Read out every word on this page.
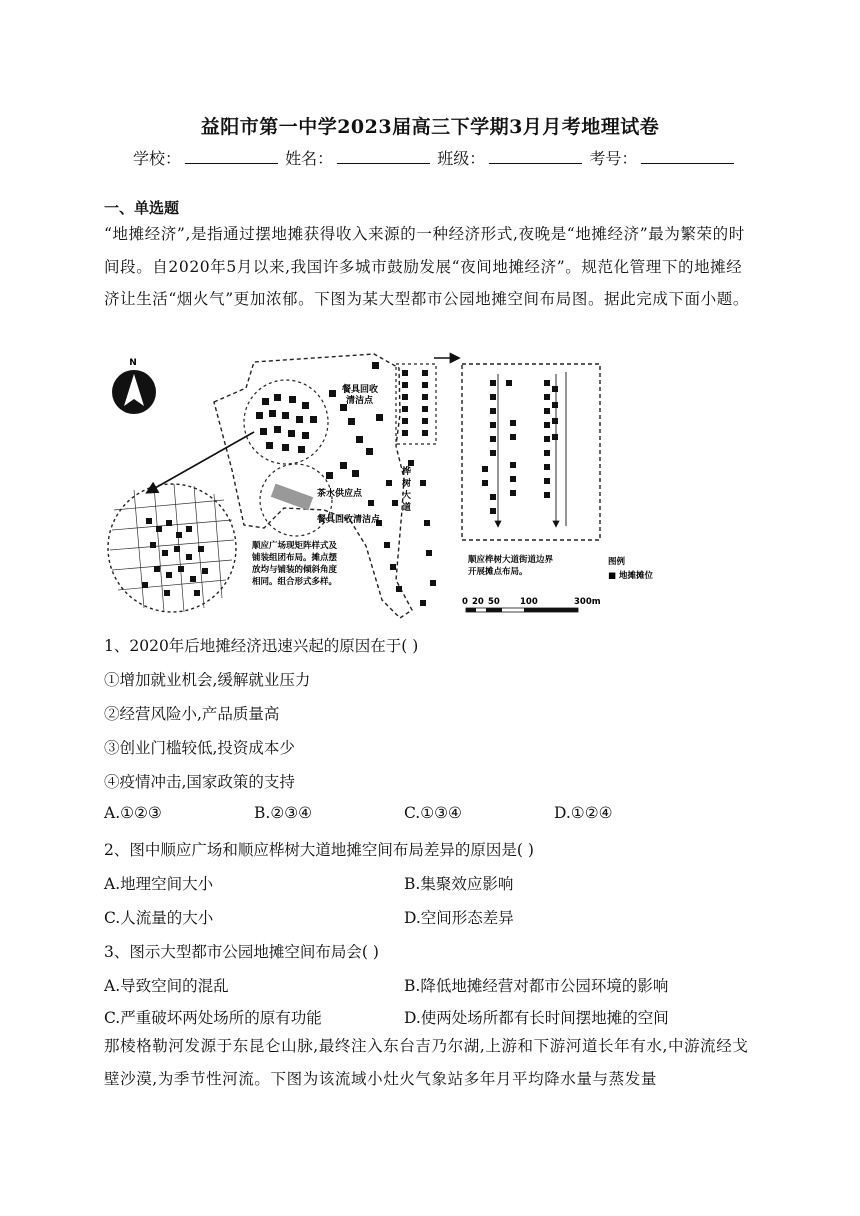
益阳市第一中学2023届高三下学期3月月考地理试卷
学校：	姓名：	班级：	考号：
一、单选题
“地摊经济”,是指通过摆地摊获得收入来源的一种经济形式,夜晚是“地摊经济”最为繁荣的时间段。自2020年5月以来,我国许多城市鼓励发展“夜间地摊经济”。规范化管理下的地摊经济让生活“烟火气”更加浓郁。下图为某大型都市公园地摊空间布局图。据此完成下面小题。
N
餐具回收 清洁点
茶水供应点
餐具回收清洁点
桦 树 大 道
顺应广场现矩阵样式及 铺装组团布局。摊点摆 放均与铺装的倾斜角度 相同。组合形式多样。
顺应桦树大道街道边界 开展摊点布局。
图例
■ 地摊摊位
0 20 50 100	300m
1、2020年后地摊经济迅速兴起的原因在于( )
①增加就业机会,缓解就业压力
②经营风险小,产品质量高
③创业门槛较低,投资成本少
④疫情冲击,国家政策的支持
A.①②③	B.②③④	C.①③④	D.①②④
2、图中顺应广场和顺应桦树大道地摊空间布局差异的原因是( )
A.地理空间大小	B.集聚效应影响
C.人流量的大小	D.空间形态差异
3、图示大型都市公园地摊空间布局会( )
A.导致空间的混乱	B.降低地摊经营对都市公园环境的影响
C.严重破坏两处场所的原有功能	D.使两处场所都有长时间摆地摊的空间
那棱格勒河发源于东昆仑山脉,最终注入东台吉乃尔湖,上游和下游河道长年有水,中游流经戈壁沙漠,为季节性河流。下图为该流域小灶火气象站多年月平均降水量与蒸发量
